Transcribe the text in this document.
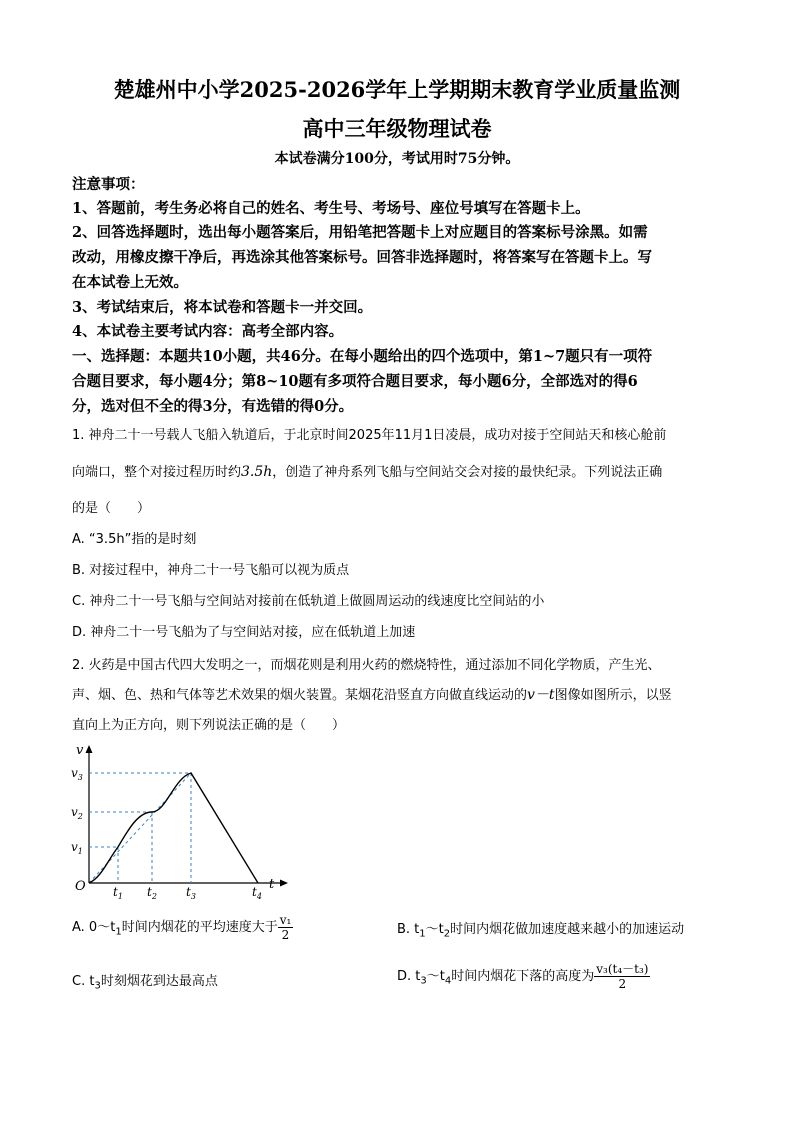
楚雄州中小学2025-2026学年上学期期末教育学业质量监测
高中三年级物理试卷
本试卷满分100分，考试用时75分钟。
注意事项：
1、答题前，考生务必将自己的姓名、考生号、考场号、座位号填写在答题卡上。
2、回答选择题时，选出每小题答案后，用铅笔把答题卡上对应题目的答案标号涂黑。如需
改动，用橡皮擦干净后，再选涂其他答案标号。回答非选择题时，将答案写在答题卡上。写
在本试卷上无效。
3、考试结束后，将本试卷和答题卡一并交回。
4、本试卷主要考试内容：高考全部内容。
一、选择题：本题共10小题，共46分。在每小题给出的四个选项中，第1~7题只有一项符
合题目要求，每小题4分；第8~10题有多项符合题目要求，每小题6分，全部选对的得6
分，选对但不全的得3分，有选错的得0分。
1. 神舟二十一号载人飞船入轨道后，于北京时间2025年11月1日凌晨，成功对接于空间站天和核心舱前
向端口，整个对接过程历时约3.5h，创造了神舟系列飞船与空间站交会对接的最快纪录。下列说法正确
的是（　　）
A. “3.5h”指的是时刻
B. 对接过程中，神舟二十一号飞船可以视为质点
C. 神舟二十一号飞船与空间站对接前在低轨道上做圆周运动的线速度比空间站的小
D. 神舟二十一号飞船为了与空间站对接，应在低轨道上加速
2. 火药是中国古代四大发明之一，而烟花则是利用火药的燃烧特性，通过添加不同化学物质，产生光、
声、烟、色、热和气体等艺术效果的烟火装置。某烟花沿竖直方向做直线运动的v－t图像如图所示，以竖
直向上为正方向，则下列说法正确的是（　　）
v
t
O
$v_3$
$v_2$
$v_1$
$t_1$ $t_2$ $t_3$	$t_4$
A. $0\sim t_1$时间内烟花的平均速度大于 $\frac{\text{v₁}}{2}$	B. $t_1\sim t_2$时间内烟花做加速度越来越小的加速运动
C. $t_3$时刻烟花到达最高点	D. $t_3\sim t_4$时间内烟花下落的高度为 $\frac{\text{v₃(t₄－t₃)}}{2}$
